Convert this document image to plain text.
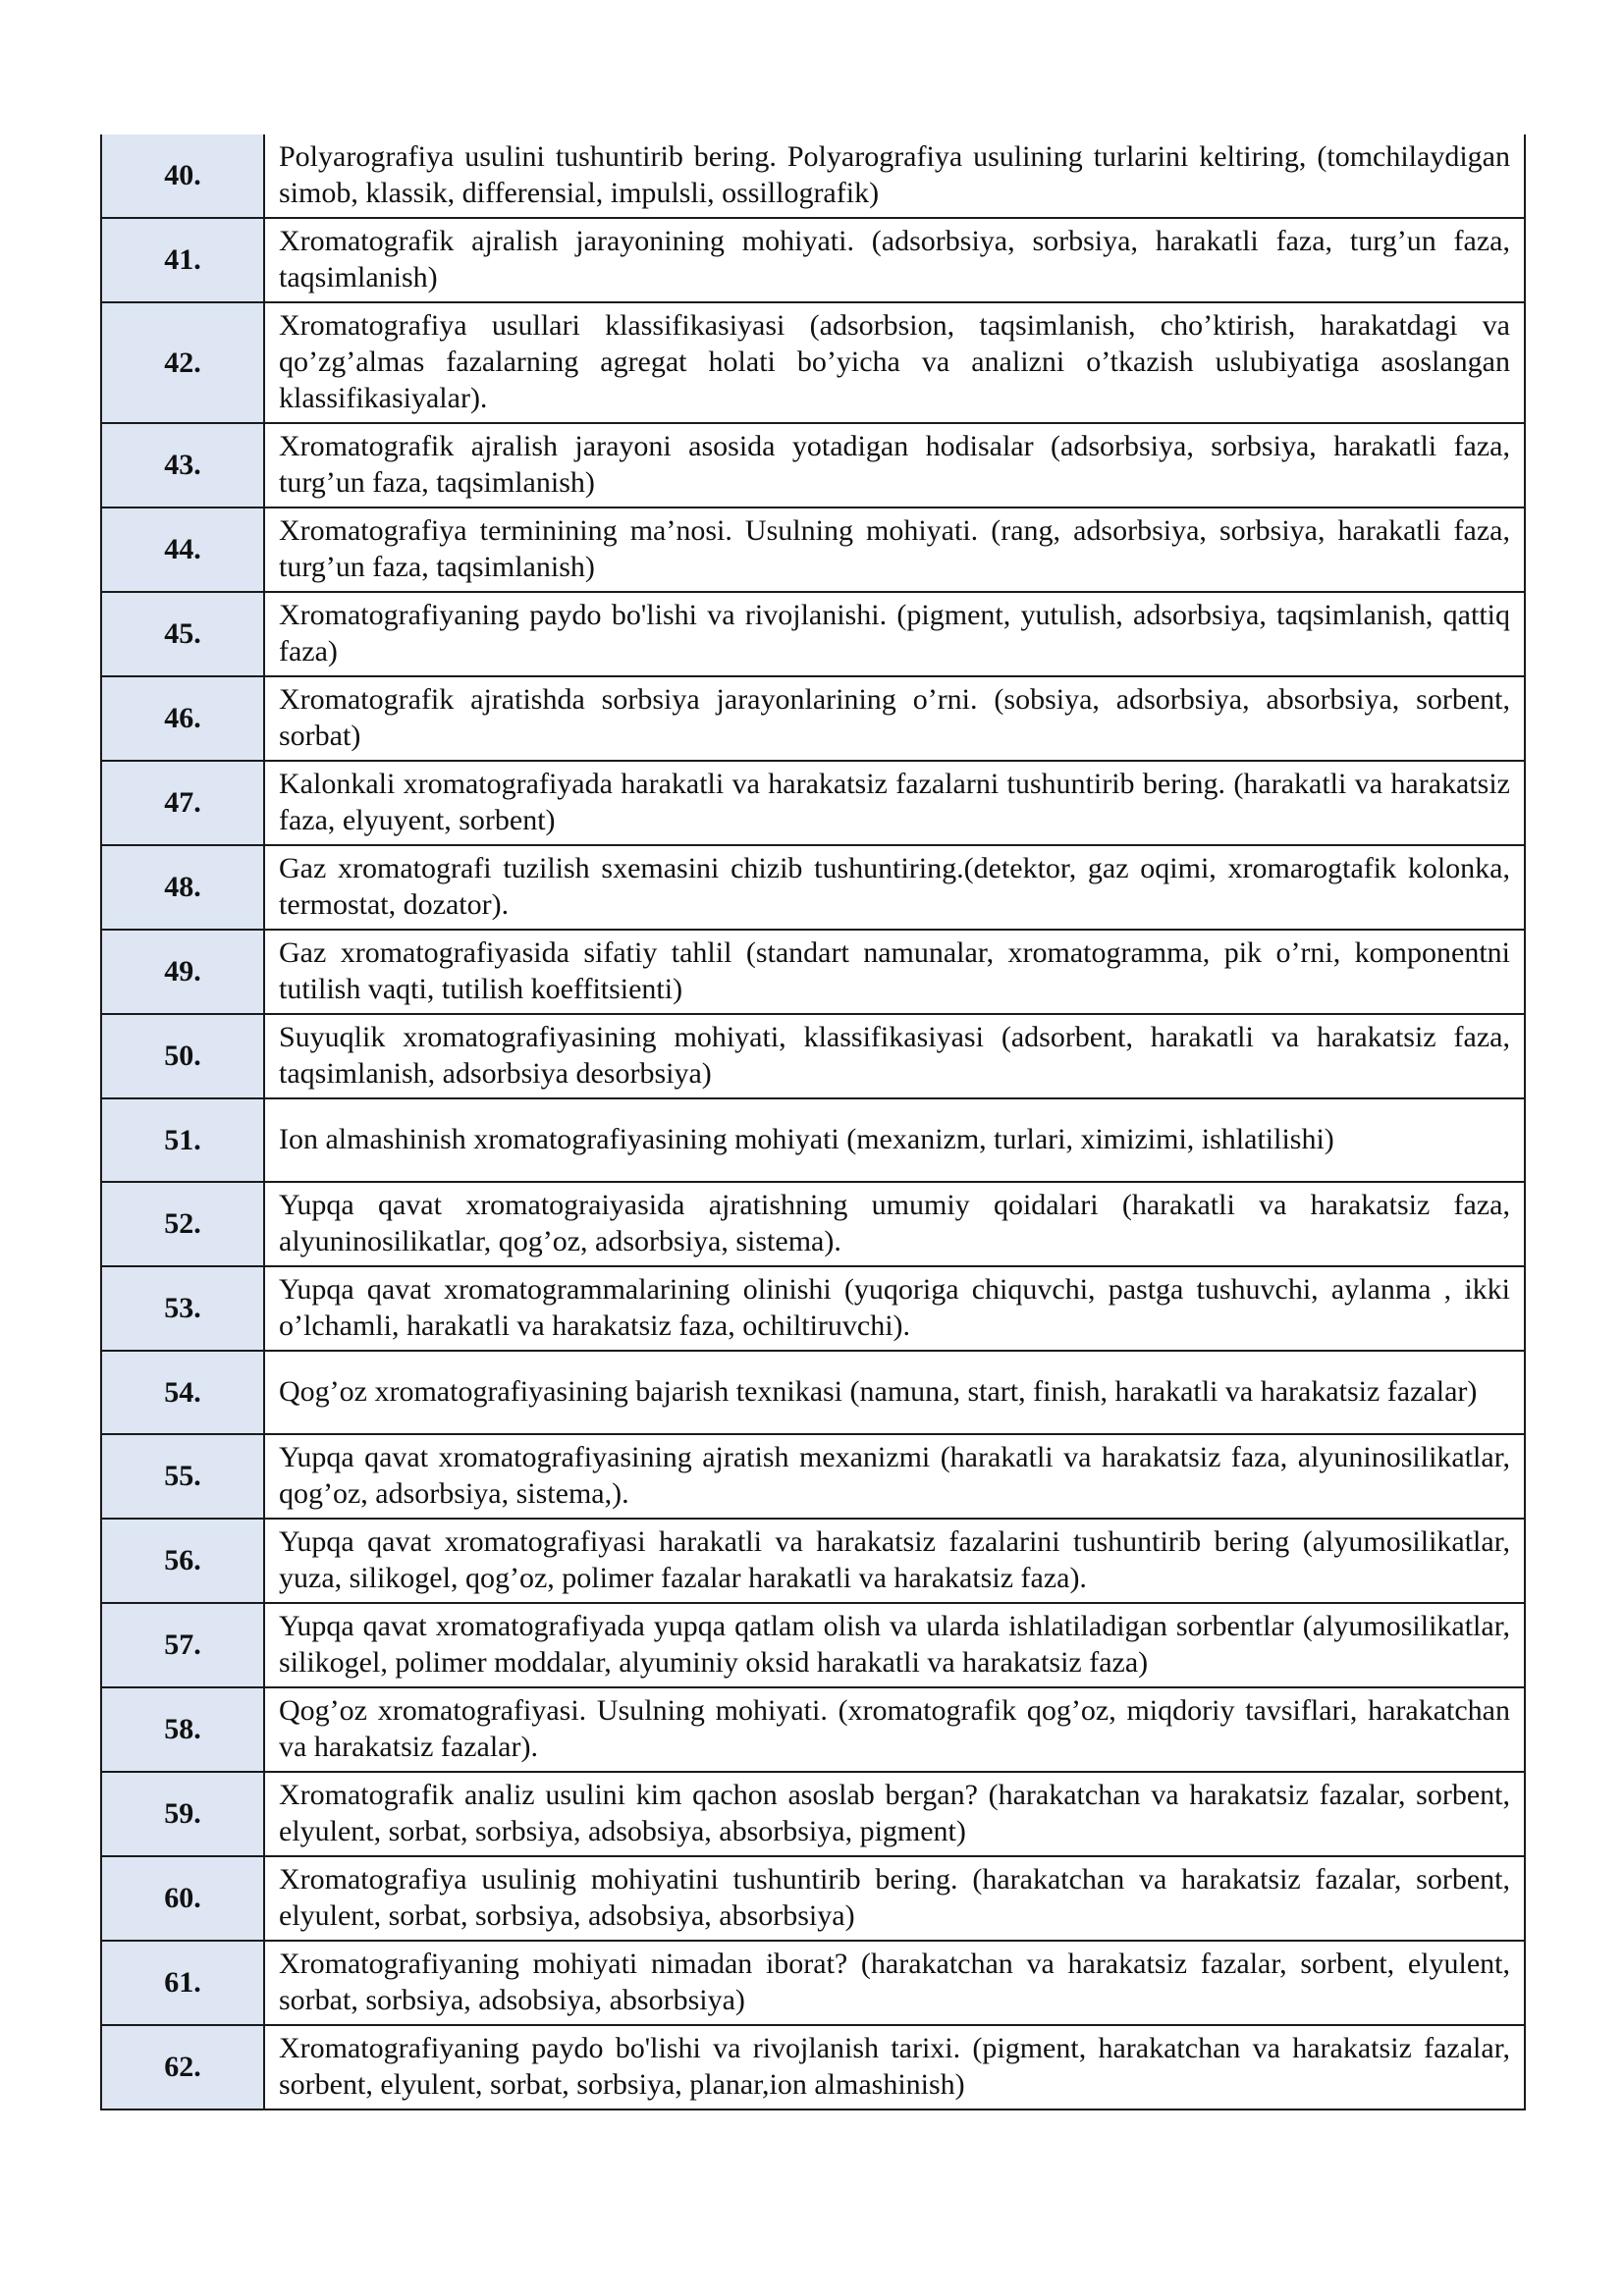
40.	Polyarografiya usulini tushuntirib bering. Polyarografiya usulining turlarini keltiring, (tomchilaydigan simob, klassik, differensial, impulsli, ossillografik)
41.	Xromatografik ajralish jarayonining mohiyati. (adsorbsiya, sorbsiya, harakatli faza, turg’un faza, taqsimlanish)
42.	Xromatografiya usullari klassifikasiyasi (adsorbsion, taqsimlanish, cho’ktirish, harakatdagi va qo’zg’almas fazalarning agregat holati bo’yicha va analizni o’tkazish uslubiyatiga asoslangan klassifikasiyalar).
43.	Xromatografik ajralish jarayoni asosida yotadigan hodisalar (adsorbsiya, sorbsiya, harakatli faza, turg’un faza, taqsimlanish)
44.	Xromatografiya terminining ma’nosi. Usulning mohiyati. (rang, adsorbsiya, sorbsiya, harakatli faza, turg’un faza, taqsimlanish)
45.	Xromatografiyaning paydo bo'lishi va rivojlanishi. (pigment, yutulish, adsorbsiya, taqsimlanish, qattiq faza)
46.	Xromatografik ajratishda sorbsiya jarayonlarining o’rni. (sobsiya, adsorbsiya, absorbsiya, sorbent, sorbat)
47.	Kalonkali xromatografiyada harakatli va harakatsiz fazalarni tushuntirib bering. (harakatli va harakatsiz faza, elyuyent, sorbent)
48.	Gaz xromatografi tuzilish sxemasini chizib tushuntiring.(detektor, gaz oqimi, xromarogtafik kolonka, termostat, dozator).
49.	Gaz xromatografiyasida sifatiy tahlil (standart namunalar, xromatogramma, pik o’rni, komponentni tutilish vaqti, tutilish koeffitsienti)
50.	Suyuqlik xromatografiyasining mohiyati, klassifikasiyasi (adsorbent, harakatli va harakatsiz faza, taqsimlanish, adsorbsiya desorbsiya)
51.	Ion almashinish xromatografiyasining mohiyati (mexanizm, turlari, ximizimi, ishlatilishi)
52.	Yupqa qavat xromatograiyasida ajratishning umumiy qoidalari (harakatli va harakatsiz faza, alyuninosilikatlar, qog’oz, adsorbsiya, sistema).
53.	Yupqa qavat xromatogrammalarining olinishi (yuqoriga chiquvchi, pastga tushuvchi, aylanma , ikki o’lchamli, harakatli va harakatsiz faza, ochiltiruvchi).
54.	Qog’oz xromatografiyasining bajarish texnikasi (namuna, start, finish, harakatli va harakatsiz fazalar)
55.	Yupqa qavat xromatografiyasining ajratish mexanizmi (harakatli va harakatsiz faza, alyuninosilikatlar, qog’oz, adsorbsiya, sistema,).
56.	Yupqa qavat xromatografiyasi harakatli va harakatsiz fazalarini tushuntirib bering (alyumosilikatlar, yuza, silikogel, qog’oz, polimer fazalar harakatli va harakatsiz faza).
57.	Yupqa qavat xromatografiyada yupqa qatlam olish va ularda ishlatiladigan sorbentlar (alyumosilikatlar, silikogel, polimer moddalar, alyuminiy oksid harakatli va harakatsiz faza)
58.	Qog’oz xromatografiyasi. Usulning mohiyati. (xromatografik qog’oz, miqdoriy tavsiflari, harakatchan va harakatsiz fazalar).
59.	Xromatografik analiz usulini kim qachon asoslab bergan? (harakatchan va harakatsiz fazalar, sorbent, elyulent, sorbat, sorbsiya, adsobsiya, absorbsiya, pigment)
60.	Xromatografiya usulinig mohiyatini tushuntirib bering. (harakatchan va harakatsiz fazalar, sorbent, elyulent, sorbat, sorbsiya, adsobsiya, absorbsiya)
61.	Xromatografiyaning mohiyati nimadan iborat? (harakatchan va harakatsiz fazalar, sorbent, elyulent, sorbat, sorbsiya, adsobsiya, absorbsiya)
62.	Xromatografiyaning paydo bo'lishi va rivojlanish tarixi. (pigment, harakatchan va harakatsiz fazalar, sorbent, elyulent, sorbat, sorbsiya, planar,ion almashinish)
